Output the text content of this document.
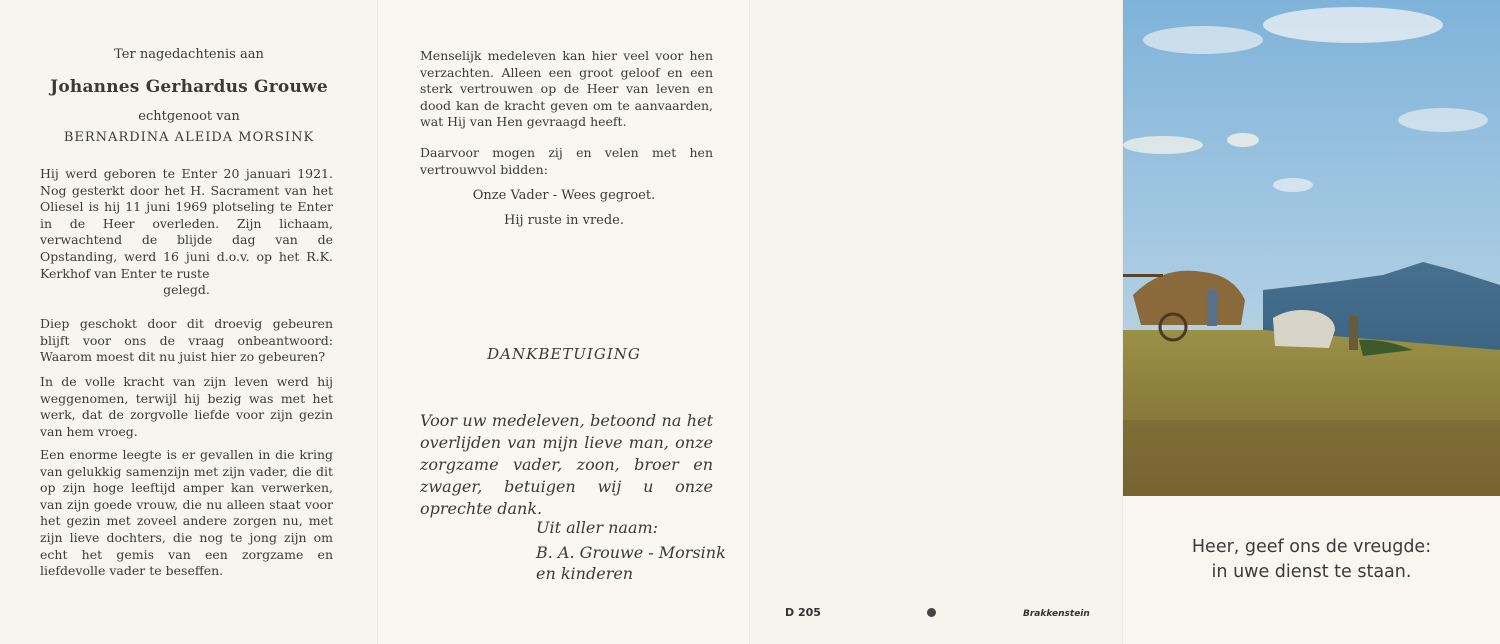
Ter nagedachtenis aan
Johannes Gerhardus Grouwe
echtgenoot van
BERNARDINA ALEIDA MORSINK
Hij werd geboren te Enter 20 januari 1921. Nog gesterkt door het H. Sacrament van het Oliesel is hij 11 juni 1969 plotseling te Enter in de Heer overleden. Zijn lichaam, verwachtend de blijde dag van de Opstanding, werd 16 juni d.o.v. op het R.K. Kerkhof van Enter te ruste
gelegd.
Diep geschokt door dit droevig gebeuren blijft voor ons de vraag onbeantwoord: Waarom moest dit nu juist hier zo gebeuren?
In de volle kracht van zijn leven werd hij weggenomen, terwijl hij bezig was met het werk, dat de zorgvolle liefde voor zijn gezin van hem vroeg.
Een enorme leegte is er gevallen in die kring van gelukkig samenzijn met zijn vader, die dit op zijn hoge leeftijd amper kan verwerken, van zijn goede vrouw, die nu alleen staat voor het gezin met zoveel andere zorgen nu, met zijn lieve dochters, die nog te jong zijn om echt het gemis van een zorgzame en liefdevolle vader te beseffen.
Menselijk medeleven kan hier veel voor hen verzachten. Alleen een groot geloof en een sterk vertrouwen op de Heer van leven en dood kan de kracht geven om te aanvaarden, wat Hij van Hen gevraagd heeft.
Daarvoor mogen zij en velen met hen vertrouwvol bidden:
Onze Vader - Wees gegroet.
Hij ruste in vrede.
DANKBETUIGING
Voor uw medeleven, betoond na het overlijden van mijn lieve man, onze zorgzame vader, zoon, broer en zwager, betuigen wij u onze oprechte dank.
Uit aller naam:
B. A. Grouwe - Morsink
en kinderen
D 205	Brakkenstein
Heer, geef ons de vreugde:
in uwe dienst te staan.
